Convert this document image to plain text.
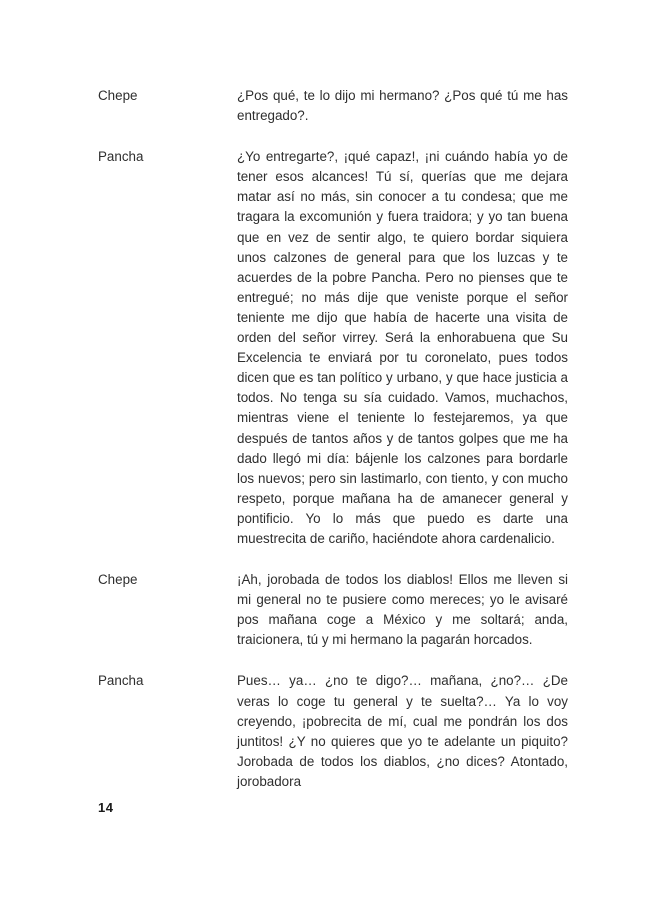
Chepe	¿Pos qué, te lo dijo mi hermano? ¿Pos qué tú me has entregado?.
Pancha	¿Yo entregarte?, ¡qué capaz!, ¡ni cuándo había yo de tener esos alcances! Tú sí, querías que me dejara matar así no más, sin conocer a tu condesa; que me tragara la excomunión y fuera traidora; y yo tan buena que en vez de sentir algo, te quiero bordar siquiera unos calzones de general para que los luzcas y te acuerdes de la pobre Pancha. Pero no pienses que te entregué; no más dije que veniste porque el señor teniente me dijo que había de hacerte una visita de orden del señor virrey. Será la enhorabuena que Su Excelencia te enviará por tu coronelato, pues todos dicen que es tan político y urbano, y que hace justicia a todos. No tenga su sía cuidado. Vamos, muchachos, mientras viene el teniente lo festejaremos, ya que después de tantos años y de tantos golpes que me ha dado llegó mi día: bájenle los calzones para bordarle los nuevos; pero sin lastimarlo, con tiento, y con mucho respeto, porque mañana ha de amanecer general y pontificio. Yo lo más que puedo es darte una muestrecita de cariño, haciéndote ahora cardenalicio.
Chepe	¡Ah, jorobada de todos los diablos! Ellos me lleven si mi general no te pusiere como mereces; yo le avisaré pos mañana coge a México y me soltará; anda, traicionera, tú y mi hermano la pagarán horcados.
Pancha	Pues… ya… ¿no te digo?… mañana, ¿no?… ¿De veras lo coge tu general y te suelta?… Ya lo voy creyendo, ¡pobrecita de mí, cual me pondrán los dos juntitos! ¿Y no quieres que yo te adelante un piquito? Jorobada de todos los diablos, ¿no dices? Atontado, jorobadora
14
